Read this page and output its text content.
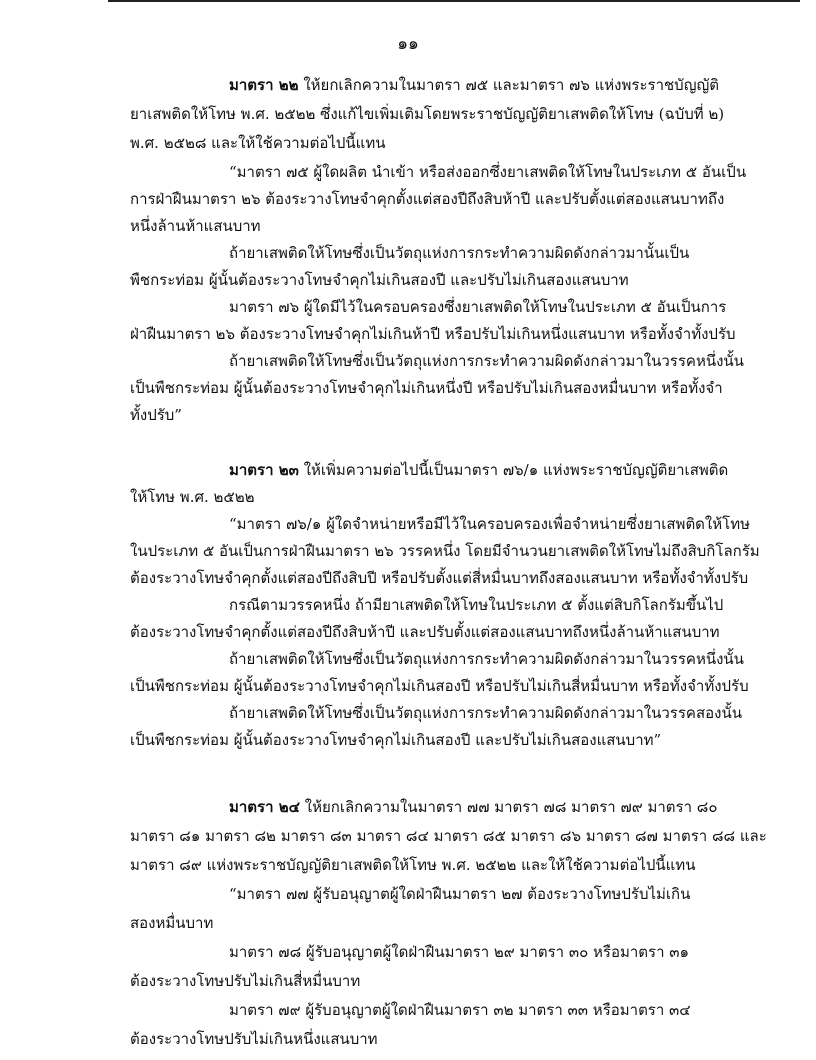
๑๑
มาตรา ๒๒ ให้ยกเลิกความในมาตรา ๗๕ และมาตรา ๗๖ แห่งพระราชบัญญัติ
ยาเสพติดให้โทษ พ.ศ. ๒๕๒๒ ซึ่งแก้ไขเพิ่มเติมโดยพระราชบัญญัติยาเสพติดให้โทษ (ฉบับที่ ๒)
พ.ศ. ๒๕๒๘ และให้ใช้ความต่อไปนี้แทน
“มาตรา ๗๕ ผู้ใดผลิต นำเข้า หรือส่งออกซึ่งยาเสพติดให้โทษในประเภท ๕ อันเป็น
การฝ่าฝืนมาตรา ๒๖ ต้องระวางโทษจำคุกตั้งแต่สองปีถึงสิบห้าปี และปรับตั้งแต่สองแสนบาทถึง
หนึ่งล้านห้าแสนบาท
ถ้ายาเสพติดให้โทษซึ่งเป็นวัตถุแห่งการกระทำความผิดดังกล่าวมานั้นเป็น
พืชกระท่อม ผู้นั้นต้องระวางโทษจำคุกไม่เกินสองปี และปรับไม่เกินสองแสนบาท
มาตรา ๗๖ ผู้ใดมีไว้ในครอบครองซึ่งยาเสพติดให้โทษในประเภท ๕ อันเป็นการ
ฝ่าฝืนมาตรา ๒๖ ต้องระวางโทษจำคุกไม่เกินห้าปี หรือปรับไม่เกินหนึ่งแสนบาท หรือทั้งจำทั้งปรับ
ถ้ายาเสพติดให้โทษซึ่งเป็นวัตถุแห่งการกระทำความผิดดังกล่าวมาในวรรคหนึ่งนั้น
เป็นพืชกระท่อม ผู้นั้นต้องระวางโทษจำคุกไม่เกินหนึ่งปี หรือปรับไม่เกินสองหมื่นบาท หรือทั้งจำ
ทั้งปรับ”
มาตรา ๒๓ ให้เพิ่มความต่อไปนี้เป็นมาตรา ๗๖/๑ แห่งพระราชบัญญัติยาเสพติด
ให้โทษ พ.ศ. ๒๕๒๒
“มาตรา ๗๖/๑ ผู้ใดจำหน่ายหรือมีไว้ในครอบครองเพื่อจำหน่ายซึ่งยาเสพติดให้โทษ
ในประเภท ๕ อันเป็นการฝ่าฝืนมาตรา ๒๖ วรรคหนึ่ง โดยมีจำนวนยาเสพติดให้โทษไม่ถึงสิบกิโลกรัม
ต้องระวางโทษจำคุกตั้งแต่สองปีถึงสิบปี หรือปรับตั้งแต่สี่หมื่นบาทถึงสองแสนบาท หรือทั้งจำทั้งปรับ
กรณีตามวรรคหนึ่ง ถ้ามียาเสพติดให้โทษในประเภท ๕ ตั้งแต่สิบกิโลกรัมขึ้นไป
ต้องระวางโทษจำคุกตั้งแต่สองปีถึงสิบห้าปี และปรับตั้งแต่สองแสนบาทถึงหนึ่งล้านห้าแสนบาท
ถ้ายาเสพติดให้โทษซึ่งเป็นวัตถุแห่งการกระทำความผิดดังกล่าวมาในวรรคหนึ่งนั้น
เป็นพืชกระท่อม ผู้นั้นต้องระวางโทษจำคุกไม่เกินสองปี หรือปรับไม่เกินสี่หมื่นบาท หรือทั้งจำทั้งปรับ
ถ้ายาเสพติดให้โทษซึ่งเป็นวัตถุแห่งการกระทำความผิดดังกล่าวมาในวรรคสองนั้น
เป็นพืชกระท่อม ผู้นั้นต้องระวางโทษจำคุกไม่เกินสองปี และปรับไม่เกินสองแสนบาท”
มาตรา ๒๔ ให้ยกเลิกความในมาตรา ๗๗ มาตรา ๗๘ มาตรา ๗๙ มาตรา ๘๐
มาตรา ๘๑ มาตรา ๘๒ มาตรา ๘๓ มาตรา ๘๔ มาตรา ๘๕ มาตรา ๘๖ มาตรา ๘๗ มาตรา ๘๘ และ
มาตรา ๘๙ แห่งพระราชบัญญัติยาเสพติดให้โทษ พ.ศ. ๒๕๒๒ และให้ใช้ความต่อไปนี้แทน
“มาตรา ๗๗ ผู้รับอนุญาตผู้ใดฝ่าฝืนมาตรา ๒๗ ต้องระวางโทษปรับไม่เกิน
สองหมื่นบาท
มาตรา ๗๘ ผู้รับอนุญาตผู้ใดฝ่าฝืนมาตรา ๒๙ มาตรา ๓๐ หรือมาตรา ๓๑
ต้องระวางโทษปรับไม่เกินสี่หมื่นบาท
มาตรา ๗๙ ผู้รับอนุญาตผู้ใดฝ่าฝืนมาตรา ๓๒ มาตรา ๓๓ หรือมาตรา ๓๔
ต้องระวางโทษปรับไม่เกินหนึ่งแสนบาท
